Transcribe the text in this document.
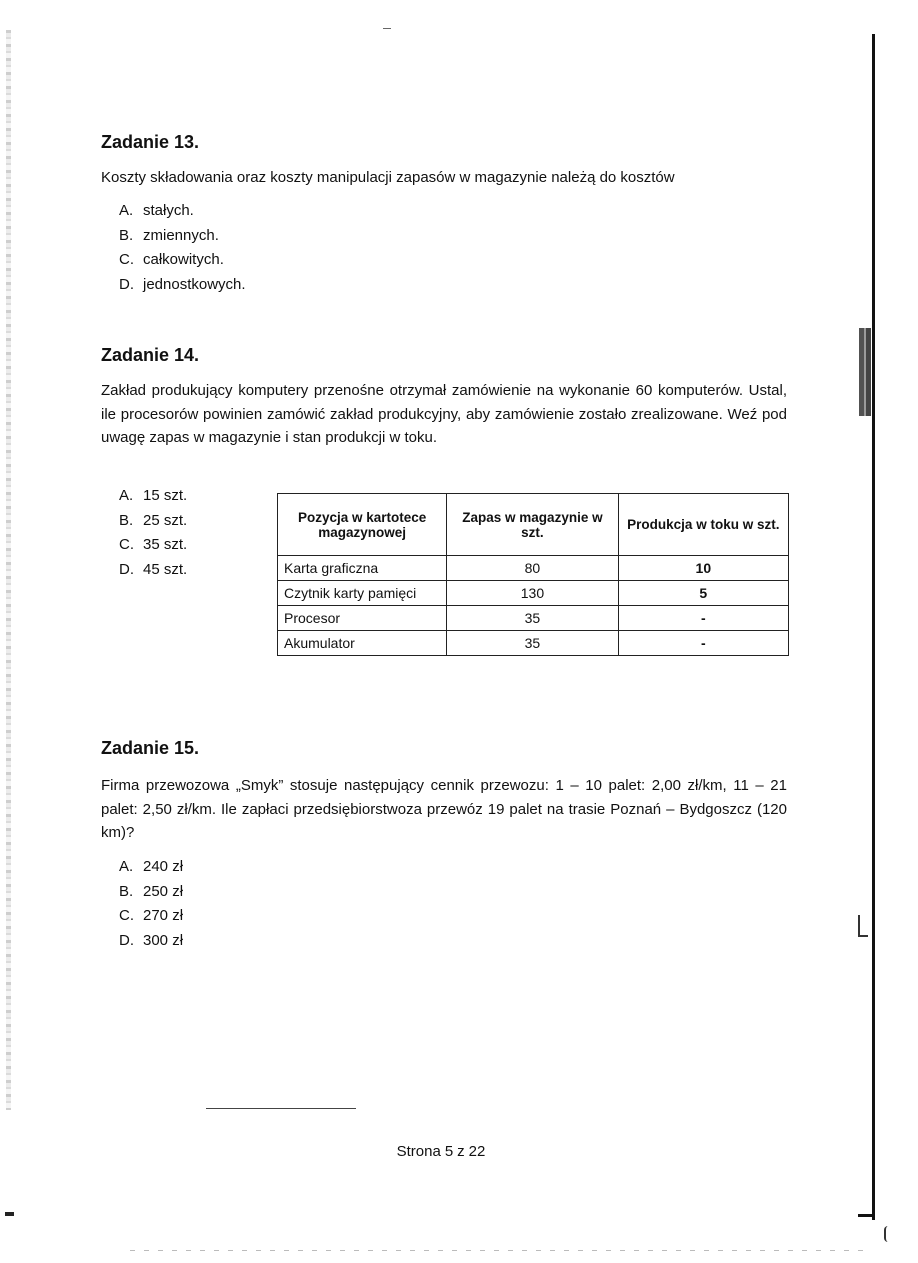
Zadanie 13.

Koszty składowania oraz koszty manipulacji zapasów w magazynie należą do kosztów

A. stałych.
B. zmiennych.
C. całkowitych.
D. jednostkowych.
Zadanie 14.

Zakład produkujący komputery przenośne otrzymał zamówienie na wykonanie 60 komputerów. Ustal, ile procesorów powinien zamówić zakład produkcyjny, aby zamówienie zostało zrealizowane. Weź pod uwagę zapas w magazynie i stan produkcji w toku.

A. 15 szt.
B. 25 szt.
C. 35 szt.
D. 45 szt.
Pozycja w kartotece magazynowej	Zapas w magazynie w szt.	Produkcja w toku w szt.
Karta graficzna	80	10
Czytnik karty pamięci	130	5
Procesor	35	-
Akumulator	35	-
Zadanie 15.

Firma przewozowa „Smyk” stosuje następujący cennik przewozu: 1 – 10 palet: 2,00 zł/km, 11 – 21 palet: 2,50 zł/km. Ile zapłaci przedsiębiorstwoza przewóz 19 palet na trasie Poznań – Bydgoszcz (120 km)?

A. 240 zł
B. 250 zł
C. 270 zł
D. 300 zł
Strona 5 z 22
